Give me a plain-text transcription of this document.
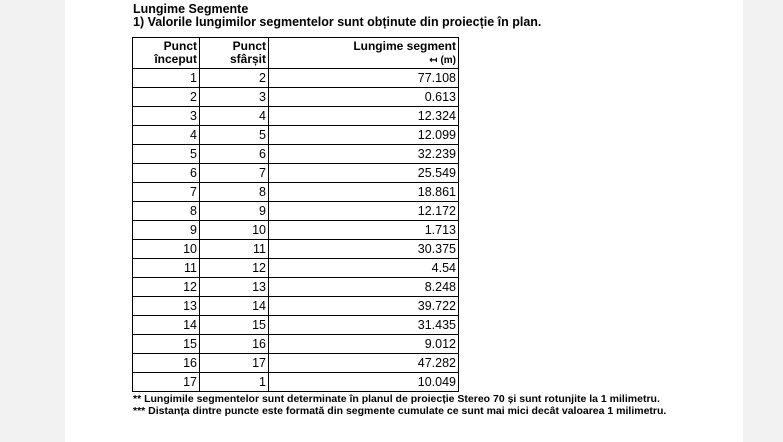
Lungime Segmente
1) Valorile lungimilor segmentelor sunt obținute din proiecție în plan.
Punct
început	Punct
sfârșit	Lungime segment
↤ (m)
1	2	77.108
2	3	0.613
3	4	12.324
4	5	12.099
5	6	32.239
6	7	25.549
7	8	18.861
8	9	12.172
9	10	1.713
10	11	30.375
11	12	4.54
12	13	8.248
13	14	39.722
14	15	31.435
15	16	9.012
16	17	47.282
17	1	10.049
** Lungimile segmentelor sunt determinate în planul de proiecție Stereo 70 și sunt rotunjite la 1 milimetru.
*** Distanța dintre puncte este formată din segmente cumulate ce sunt mai mici decât valoarea 1 milimetru.
